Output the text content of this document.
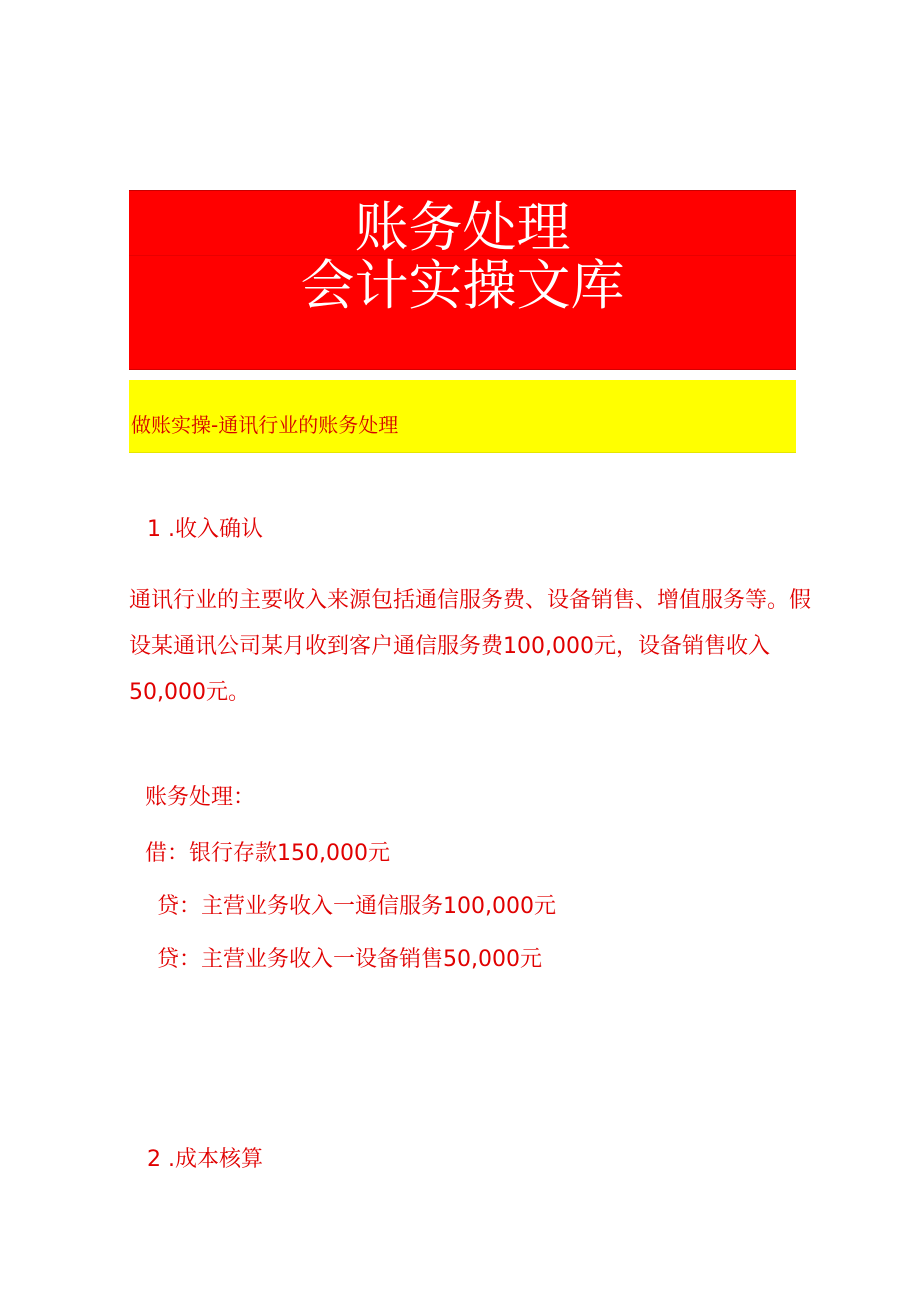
账务处理
会计实操文库
做账实操-通讯行业的账务处理
1 .收入确认
通讯行业的主要收入来源包括通信服务费、设备销售、增值服务等。假
设某通讯公司某月收到客户通信服务费100,000元，设备销售收入
50,000元。
账务处理：
借：银行存款150,000元
贷：主营业务收入一通信服务100,000元
贷：主营业务收入一设备销售50,000元
2 .成本核算
